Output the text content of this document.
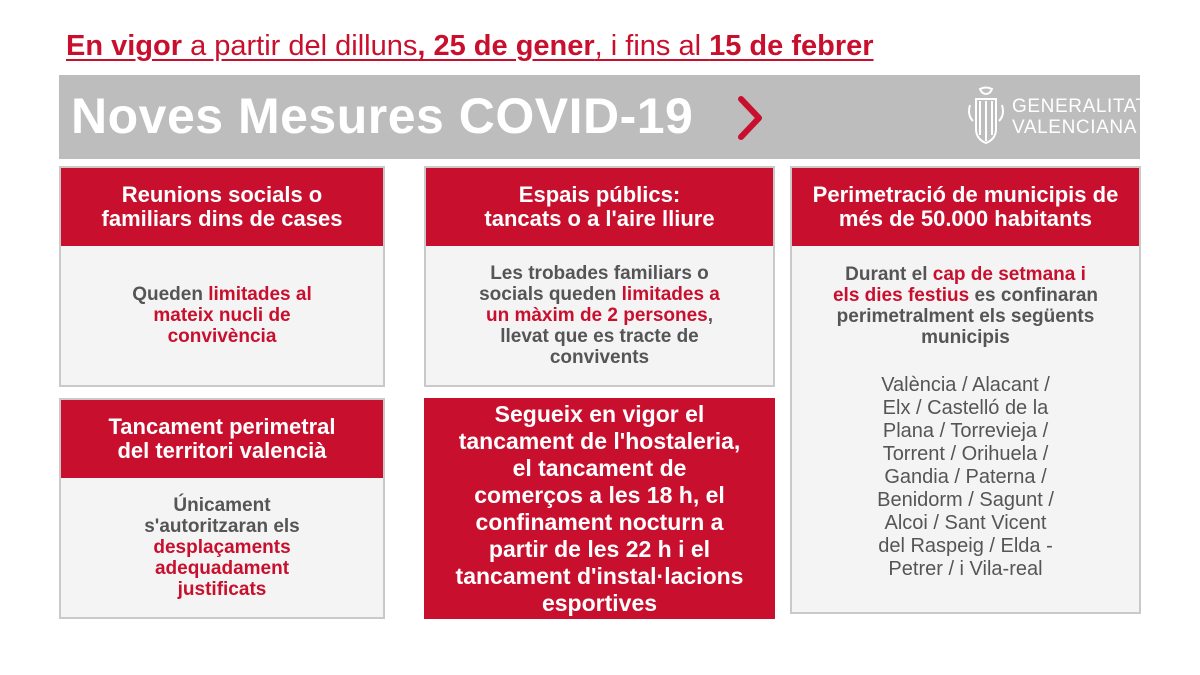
En vigor a partir del dilluns, 25 de gener, i fins al 15 de febrer
Noves Mesures COVID-19	GENERALITAT
VALENCIANA
Reunions socials o
familiars dins de cases
Queden limitades al
mateix nucli de
convivència
Espais públics:
tancats o a l'aire lliure
Les trobades familiars o
socials queden limitades a
un màxim de 2 persones,
llevat que es tracte de
convivents
Perimetració de municipis de
més de 50.000 habitants
Durant el cap de setmana i
els dies festius es confinaran
perimetralment els següents
municipis
València / Alacant /
Elx / Castelló de la
Plana / Torrevieja /
Torrent / Orihuela /
Gandia / Paterna /
Benidorm / Sagunt /
Alcoi / Sant Vicent
del Raspeig / Elda -
Petrer / i Vila-real
Tancament perimetral
del territori valencià
Únicament
s'autoritzaran els
desplaçaments
adequadament
justificats
Segueix en vigor el
tancament de l'hostaleria,
el tancament de
comerços a les 18 h, el
confinament nocturn a
partir de les 22 h i el
tancament d'instal·lacions
esportives
